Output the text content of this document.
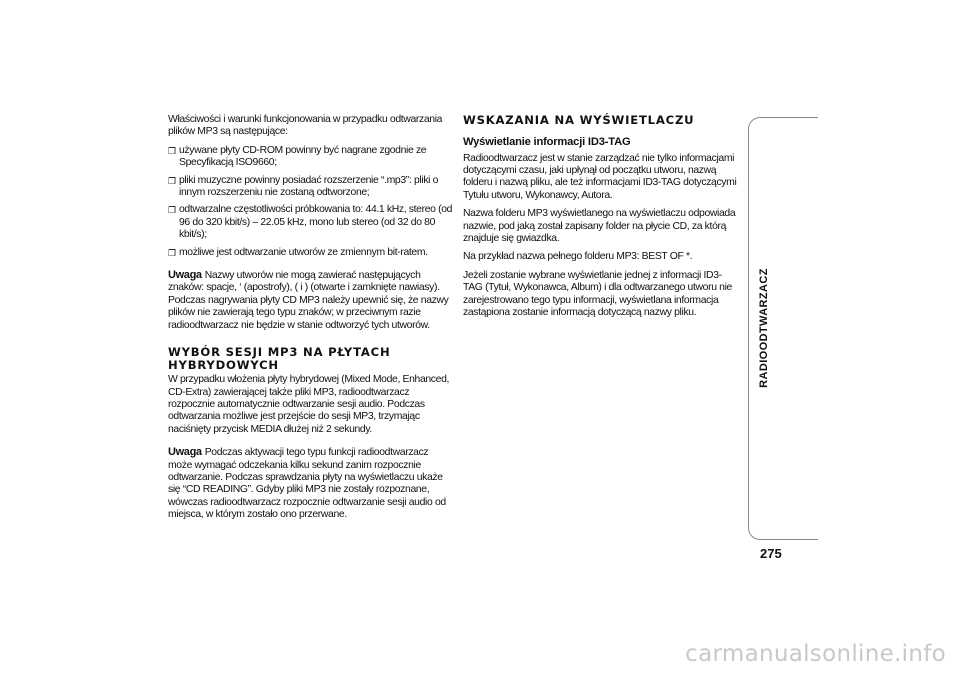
Właściwości i warunki funkcjonowania w przypadku odtwarzania plików MP3 są następujące:

❐ używane płyty CD-ROM powinny być nagrane zgodnie ze Specyfikacją ISO9660;
❐ pliki muzyczne powinny posiadać rozszerzenie “.mp3”: pliki o innym rozszerzeniu nie zostaną odtworzone;
❐ odtwarzalne częstotliwości próbkowania to: 44.1 kHz, stereo (od 96 do 320 kbit/s) – 22.05 kHz, mono lub stereo (od 32 do 80 kbit/s);
❐ możliwe jest odtwarzanie utworów ze zmiennym bit-ratem.

Uwaga Nazwy utworów nie mogą zawierać następujących znaków: spacje, ‘ (apostrofy), ( i ) (otwarte i zamknięte nawiasy). Podczas nagrywania płyty CD MP3 należy upewnić się, że nazwy plików nie zawierają tego typu znaków; w przeciwnym razie radioodtwarzacz nie będzie w stanie odtworzyć tych utworów.

WYBÓR SESJI MP3 NA PŁYTACH HYBRYDOWYCH

W przypadku włożenia płyty hybrydowej (Mixed Mode, Enhanced, CD-Extra) zawierającej także pliki MP3, radioodtwarzacz rozpocznie automatycznie odtwarzanie sesji audio. Podczas odtwarzania możliwe jest przejście do sesji MP3, trzymając naciśnięty przycisk MEDIA dłużej niż 2 sekundy.

Uwaga Podczas aktywacji tego typu funkcji radioodtwarzacz może wymagać odczekania kilku sekund zanim rozpocznie odtwarzanie. Podczas sprawdzania płyty na wyświetlaczu ukaże się “CD READING”. Gdyby pliki MP3 nie zostały rozpoznane, wówczas radioodtwarzacz rozpocznie odtwarzanie sesji audio od miejsca, w którym zostało ono przerwane.

WSKAZANIA NA WYŚWIETLACZU
Wyświetlanie informacji ID3-TAG

Radioodtwarzacz jest w stanie zarządzać nie tylko informacjami dotyczącymi czasu, jaki upłynął od początku utworu, nazwą folderu i nazwą pliku, ale też informacjami ID3-TAG dotyczącymi Tytułu utworu, Wykonawcy, Autora.

Nazwa folderu MP3 wyświetlanego na wyświetlaczu odpowiada nazwie, pod jaką został zapisany folder na płycie CD, za którą znajduje się gwiazdka.

Na przykład nazwa pełnego folderu MP3: BEST OF *.

Jeżeli zostanie wybrane wyświetlanie jednej z informacji ID3-TAG (Tytuł, Wykonawca, Album) i dla odtwarzanego utworu nie zarejestrowano tego typu informacji, wyświetlana informacja zastąpiona zostanie informacją dotyczącą nazwy pliku.	RADIOODTWARZACZ
275
carmanualsonline.info
